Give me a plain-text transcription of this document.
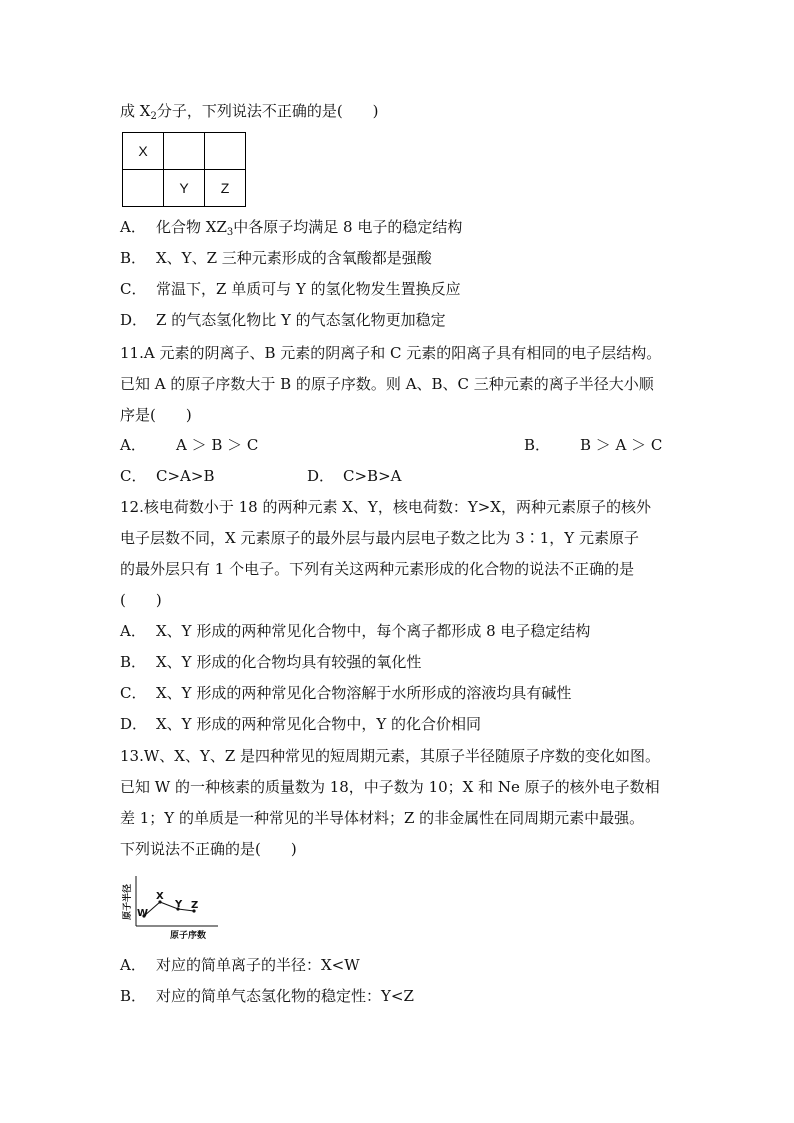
成 $X_2$分子，下列说法不正确的是(　　)
X		
	Y	Z
A． 化合物 $XZ_3$中各原子均满足 8 电子的稳定结构
B． X、Y、Z 三种元素形成的含氧酸都是强酸
C． 常温下，Z 单质可与 Y 的氢化物发生置换反应
D． Z 的气态氢化物比 Y 的气态氢化物更加稳定
11.A 元素的阴离子、B 元素的阴离子和 C 元素的阳离子具有相同的电子层结构。
已知 A 的原子序数大于 B 的原子序数。则 A、B、C 三种元素的离子半径大小顺
序是(　　)
A． A ＞ B ＞ C	B． B ＞ A ＞ C
C． C>A>B	D． C>B>A
12.核电荷数小于 18 的两种元素 X、Y，核电荷数：Y>X，两种元素原子的核外
电子层数不同，X 元素原子的最外层与最内层电子数之比为 3∶1，Y 元素原子
的最外层只有 1 个电子。下列有关这两种元素形成的化合物的说法不正确的是
(　　)
A． X、Y 形成的两种常见化合物中，每个离子都形成 8 电子稳定结构
B． X、Y 形成的化合物均具有较强的氧化性
C． X、Y 形成的两种常见化合物溶解于水所形成的溶液均具有碱性
D． X、Y 形成的两种常见化合物中，Y 的化合价相同
13.W、X、Y、Z 是四种常见的短周期元素，其原子半径随原子序数的变化如图。
已知 W 的一种核素的质量数为 18，中子数为 10；X 和 Ne 原子的核外电子数相
差 1；Y 的单质是一种常见的半导体材料；Z 的非金属性在同周期元素中最强。
下列说法不正确的是(　　)
原子半径
原子序数
W
X
Y Z
A． 对应的简单离子的半径：X<W
B． 对应的简单气态氢化物的稳定性：Y<Z
